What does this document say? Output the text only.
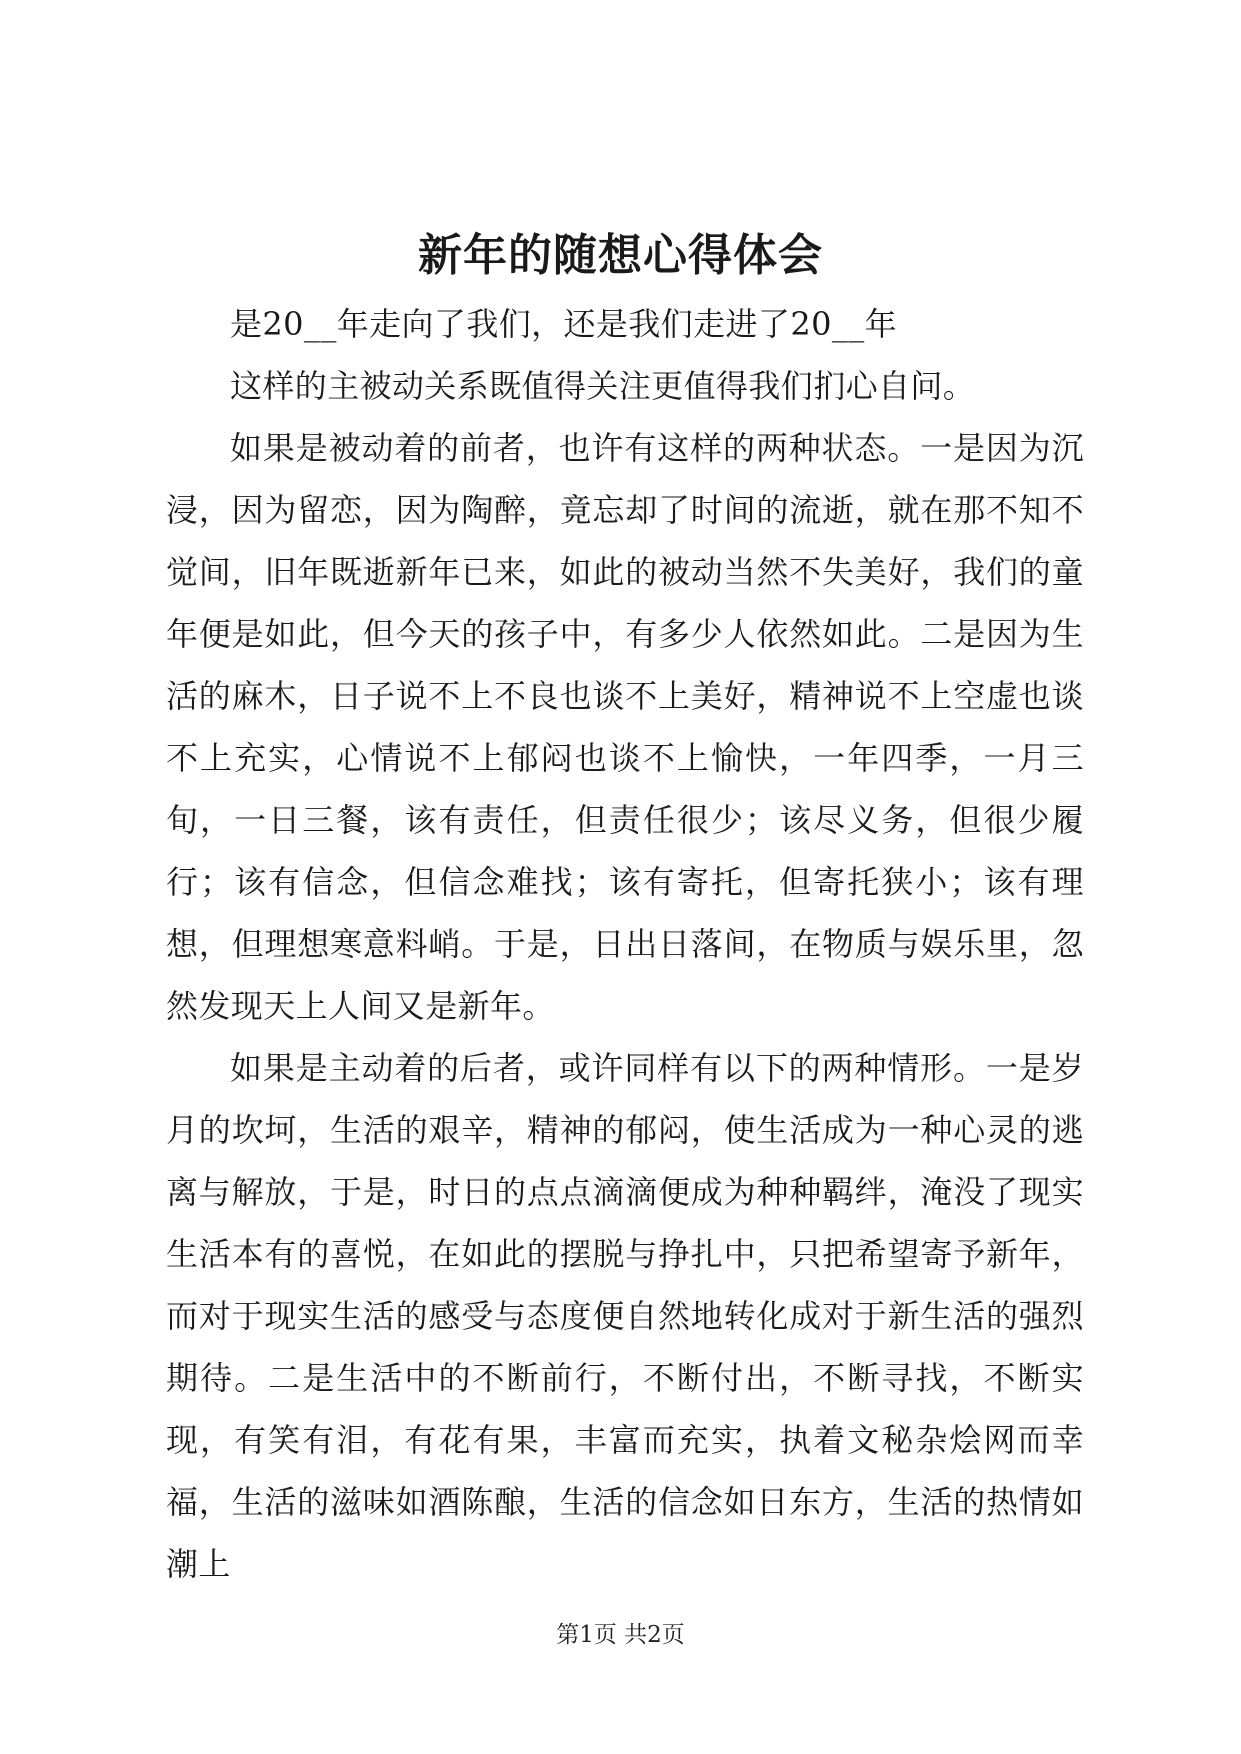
新年的随想心得体会

是20__年走向了我们，还是我们走进了20__年

这样的主被动关系既值得关注更值得我们扪心自问。

如果是被动着的前者，也许有这样的两种状态。一是因为沉浸，因为留恋，因为陶醉，竟忘却了时间的流逝，就在那不知不觉间，旧年既逝新年已来，如此的被动当然不失美好，我们的童年便是如此，但今天的孩子中，有多少人依然如此。二是因为生活的麻木，日子说不上不良也谈不上美好，精神说不上空虚也谈不上充实，心情说不上郁闷也谈不上愉快，一年四季，一月三旬，一日三餐，该有责任，但责任很少；该尽义务，但很少履行；该有信念，但信念难找；该有寄托，但寄托狭小；该有理想，但理想寒意料峭。于是，日出日落间，在物质与娱乐里，忽然发现天上人间又是新年。

如果是主动着的后者，或许同样有以下的两种情形。一是岁月的坎坷，生活的艰辛，精神的郁闷，使生活成为一种心灵的逃离与解放，于是，时日的点点滴滴便成为种种羁绊，淹没了现实生活本有的喜悦，在如此的摆脱与挣扎中，只把希望寄予新年，而对于现实生活的感受与态度便自然地转化成对于新生活的强烈期待。二是生活中的不断前行，不断付出，不断寻找，不断实现，有笑有泪，有花有果，丰富而充实，执着文秘杂烩网而幸福，生活的滋味如酒陈酿，生活的信念如日东方，生活的热情如潮上

第1页 共2页
